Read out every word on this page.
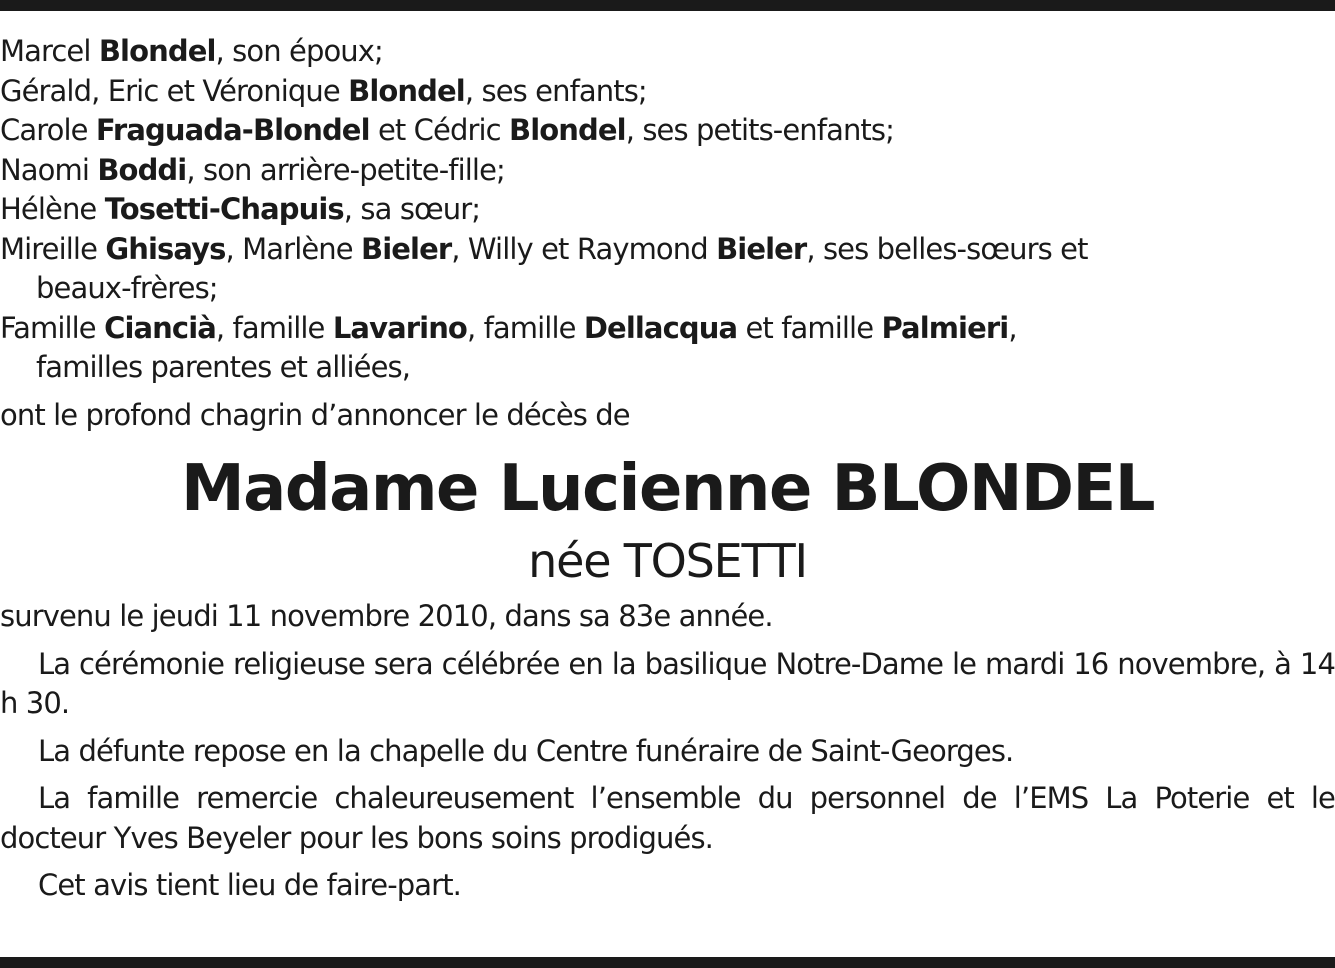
Marcel Blondel, son époux;
Gérald, Eric et Véronique Blondel, ses enfants;
Carole Fraguada-Blondel et Cédric Blondel, ses petits-enfants;
Naomi Boddi, son arrière-petite-fille;
Hélène Tosetti-Chapuis, sa sœur;
Mireille Ghisays, Marlène Bieler, Willy et Raymond Bieler, ses belles-sœurs et beaux-frères;
Famille Ciancià, famille Lavarino, famille Dellacqua et famille Palmieri, familles parentes et alliées,
ont le profond chagrin d’annoncer le décès de
Madame Lucienne BLONDEL
née TOSETTI

survenu le jeudi 11 novembre 2010, dans sa 83e année.

La cérémonie religieuse sera célébrée en la basilique Notre-Dame le mardi 16 novembre, à 14 h 30.

La défunte repose en la chapelle du Centre funéraire de Saint-Georges.

La famille remercie chaleureusement l’ensemble du personnel de l’EMS La Poterie et le docteur Yves Beyeler pour les bons soins prodigués.

Cet avis tient lieu de faire-part.
